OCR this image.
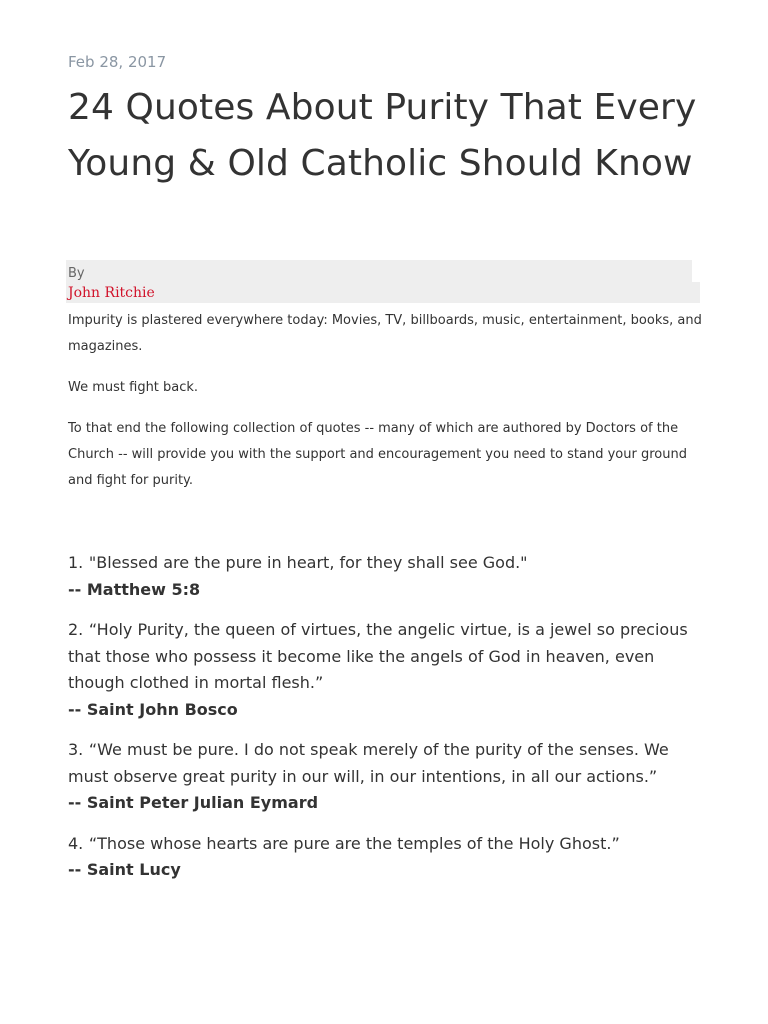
Feb 28, 2017

24 Quotes About Purity That Every Young & Old Catholic Should Know
By
John Ritchie

Impurity is plastered everywhere today: Movies, TV, billboards, music, entertainment, books, and magazines.

We must fight back.

To that end the following collection of quotes -- many of which are authored by Doctors of the Church -- will provide you with the support and encouragement you need to stand your ground and fight for purity.

1. "Blessed are the pure in heart, for they shall see God."
-- Matthew 5:8
2. “Holy Purity, the queen of virtues, the angelic virtue, is a jewel so precious that those who possess it become like the angels of God in heaven, even though clothed in mortal flesh.”
-- Saint John Bosco
3. “We must be pure. I do not speak merely of the purity of the senses. We must observe great purity in our will, in our intentions, in all our actions.”
-- Saint Peter Julian Eymard
4. “Those whose hearts are pure are the temples of the Holy Ghost.”
-- Saint Lucy
